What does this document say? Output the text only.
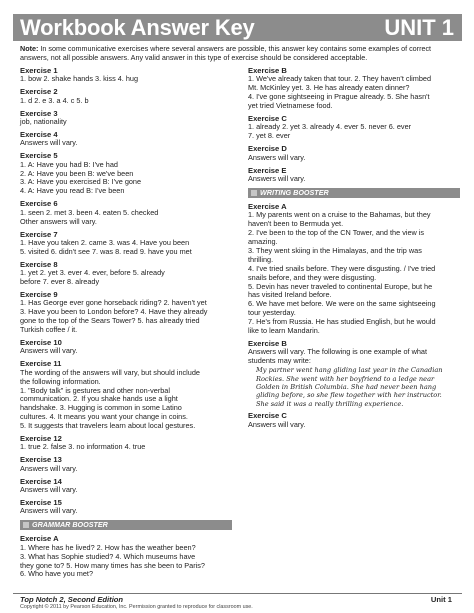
Workbook Answer Key	UNIT 1
Note: In some communicative exercises where several answers are possible, this answer key contains some examples of correct answers, not all possible answers. Any valid answer in this type of exercise should be considered acceptable.
Exercise 1
1. bow 2. shake hands 3. kiss 4. hug
Exercise 2
1. d 2. e 3. a 4. c 5. b
Exercise 3
job, nationality
Exercise 4
Answers will vary.
Exercise 5
1. A: Have you had B: I've had
2. A: Have you been B: we've been
3. A: Have you exercised B: I've gone
4. A: Have you read B: I've been
Exercise 6
1. seen 2. met 3. been 4. eaten 5. checked
Other answers will vary.
Exercise 7
1. Have you taken 2. came 3. was 4. Have you been
5. visited 6. didn't see 7. was 8. read 9. have you met
Exercise 8
1. yet 2. yet 3. ever 4. ever, before 5. already
before 7. ever 8. already
Exercise 9
1. Has George ever gone horseback riding? 2. haven't yet
3. Have you been to London before? 4. Have they already
gone to the top of the Sears Tower? 5. has already tried
Turkish coffee / it.
Exercise 10
Answers will vary.
Exercise 11
The wording of the answers will vary, but should include
the following information.
1. "Body talk" is gestures and other non-verbal
communication. 2. If you shake hands use a light
handshake. 3. Hugging is common in some Latino
cultures. 4. It means you want your change in coins.
5. It suggests that travelers learn about local gestures.
Exercise 12
1. true 2. false 3. no information 4. true
Exercise 13
Answers will vary.
Exercise 14
Answers will vary.
Exercise 15
Answers will vary.
GRAMMAR BOOSTER
Exercise A
1. Where has he lived? 2. How has the weather been?
3. What has Sophie studied? 4. Which museums have
they gone to? 5. How many times has she been to Paris?
6. Who have you met?
Exercise B
1. We've already taken that tour. 2. They haven't climbed
Mt. McKinley yet. 3. He has already eaten dinner?
4. I've gone sightseeing in Prague already. 5. She hasn't
yet tried Vietnamese food.
Exercise C
1. already 2. yet 3. already 4. ever 5. never 6. ever
7. yet 8. ever
Exercise D
Answers will vary.
Exercise E
Answers will vary.
WRITING BOOSTER
Exercise A
1. My parents went on a cruise to the Bahamas, but they
haven't been to Bermuda yet.
2. I've been to the top of the CN Tower, and the view is
amazing.
3. They went skiing in the Himalayas, and the trip was
thrilling.
4. I've tried snails before. They were disgusting. / I've tried
snails before, and they were disgusting.
5. Devin has never traveled to continental Europe, but he
has visited Ireland before.
6. We have met before. We were on the same sightseeing
tour yesterday.
7. He's from Russia. He has studied English, but he would
like to learn Mandarin.
Exercise B
Answers will vary. The following is one example of what
students may write:
My partner went hang gliding last year in the Canadian
Rockies. She went with her boyfriend to a ledge near
Golden in British Columbia. She had never been hang
gliding before, so she flew together with her instructor.
She said it was a really thrilling experience.
Exercise C
Answers will vary.
Top Notch 2, Second Edition
Copyright © 2011 by Pearson Education, Inc. Permission granted to reproduce for classroom use.
Unit 1
